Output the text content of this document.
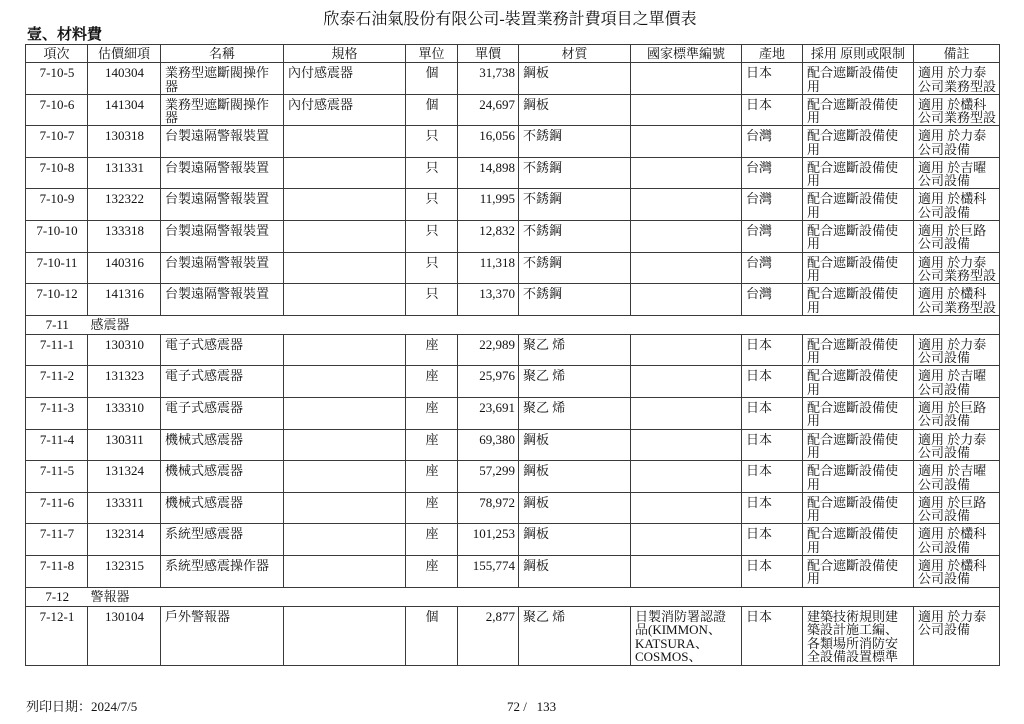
欣泰石油氣股份有限公司-裝置業務計費項目之單價表
壹、材料費
項次	估價細項	名稱	規格	單位	單價	材質	國家標準編號	產地	採用 原則或限制	備註

7-10-5	140304	業務型遮斷閥操作器	內付感震器	個	31,738	鋼板		日本	配合遮斷設備使用	適用 於力泰公司業務型設

7-10-6	141304	業務型遮斷閥操作器	內付感震器	個	24,697	鋼板		日本	配合遮斷設備使用	適用 於欉科公司業務型設

7-10-7	130318	台製遠隔警報裝置		只	16,056	不銹鋼		台灣	配合遮斷設備使用	適用 於力泰公司設備

7-10-8	131331	台製遠隔警報裝置		只	14,898	不銹鋼		台灣	配合遮斷設備使用	適用 於吉曜公司設備

7-10-9	132322	台製遠隔警報裝置		只	11,995	不銹鋼		台灣	配合遮斷設備使用	適用 於欉科公司設備

7-10-10	133318	台製遠隔警報裝置		只	12,832	不銹鋼		台灣	配合遮斷設備使用	適用 於巨路公司設備

7-10-11	140316	台製遠隔警報裝置		只	11,318	不銹鋼		台灣	配合遮斷設備使用	適用 於力泰公司業務型設

7-10-12	141316	台製遠隔警報裝置		只	13,370	不銹鋼		台灣	配合遮斷設備使用	適用 於欉科公司業務型設

7-11	感震器									

7-11-1	130310	電子式感震器		座	22,989	聚乙 烯		日本	配合遮斷設備使用	適用 於力泰公司設備

7-11-2	131323	電子式感震器		座	25,976	聚乙 烯		日本	配合遮斷設備使用	適用 於吉曜公司設備

7-11-3	133310	電子式感震器		座	23,691	聚乙 烯		日本	配合遮斷設備使用	適用 於巨路公司設備

7-11-4	130311	機械式感震器		座	69,380	鋼板		日本	配合遮斷設備使用	適用 於力泰公司設備

7-11-5	131324	機械式感震器		座	57,299	鋼板		日本	配合遮斷設備使用	適用 於吉曜公司設備

7-11-6	133311	機械式感震器		座	78,972	鋼板		日本	配合遮斷設備使用	適用 於巨路公司設備

7-11-7	132314	系統型感震器		座	101,253	鋼板		日本	配合遮斷設備使用	適用 於欉科公司設備

7-11-8	132315	系統型感震操作器		座	155,774	鋼板		日本	配合遮斷設備使用	適用 於欉科公司設備

7-12	警報器									

7-12-1	130104	戶外警報器		個	2,877	聚乙 烯	日製消防署認證品(KIMMON、KATSURA、COSMOS、	日本	建築技術規則建築設計施工編、各類場所消防安全設備設置標準	適用 於力泰公司設備
列印日期：2024/7/5	72 /   133
